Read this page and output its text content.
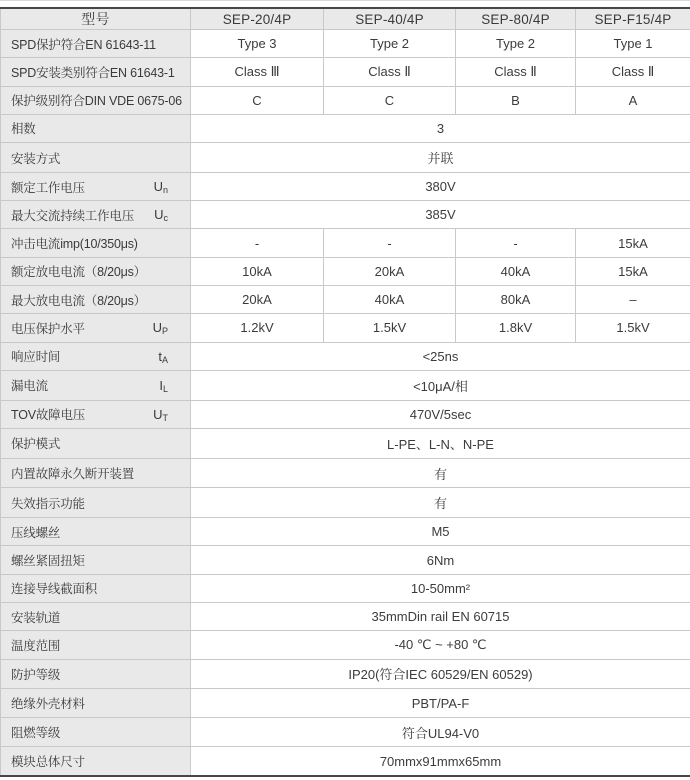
型号	SEP-20/4P	SEP-40/4P	SEP-80/4P	SEP-F15/4P

SPD保护符合EN 61643-11	Type 3	Type 2	Type 2	Type 1

SPD安装类别符合EN 61643-1	Class Ⅲ	Class Ⅱ	Class Ⅱ	Class Ⅱ

保护级别符合DIN VDE 0675-06	C	C	B	A

相数	3			

安装方式	并联			

额定工作电压 $U_n$	380V			

最大交流持续工作电压 $U_c$	385V			

冲击电流imp(10/350μs)	-	-	-	15kA

额定放电电流（8/20μs）	10kA	20kA	40kA	15kA

最大放电电流（8/20μs）	20kA	40kA	80kA	–

电压保护水平 $U_P$	1.2kV	1.5kV	1.8kV	1.5kV

响应时间 $t_A$	<25ns			

漏电流 $I_L$	<10μA/相			

TOV故障电压 $U_T$	470V/5sec			

保护模式	L-PE、L-N、N-PE			

内置故障永久断开装置	有			

失效指示功能	有			

压线螺丝	M5			

螺丝紧固扭矩	6Nm			

连接导线截面积	10-50mm²			

安装轨道	35mmDin rail EN 60715			

温度范围	-40 ℃ ~ +80 ℃			

防护等级	IP20(符合IEC 60529/EN 60529)			

绝缘外壳材料	PBT/PA-F			

阻燃等级	符合UL94-V0			

模块总体尺寸	70mmx91mmx65mm			
